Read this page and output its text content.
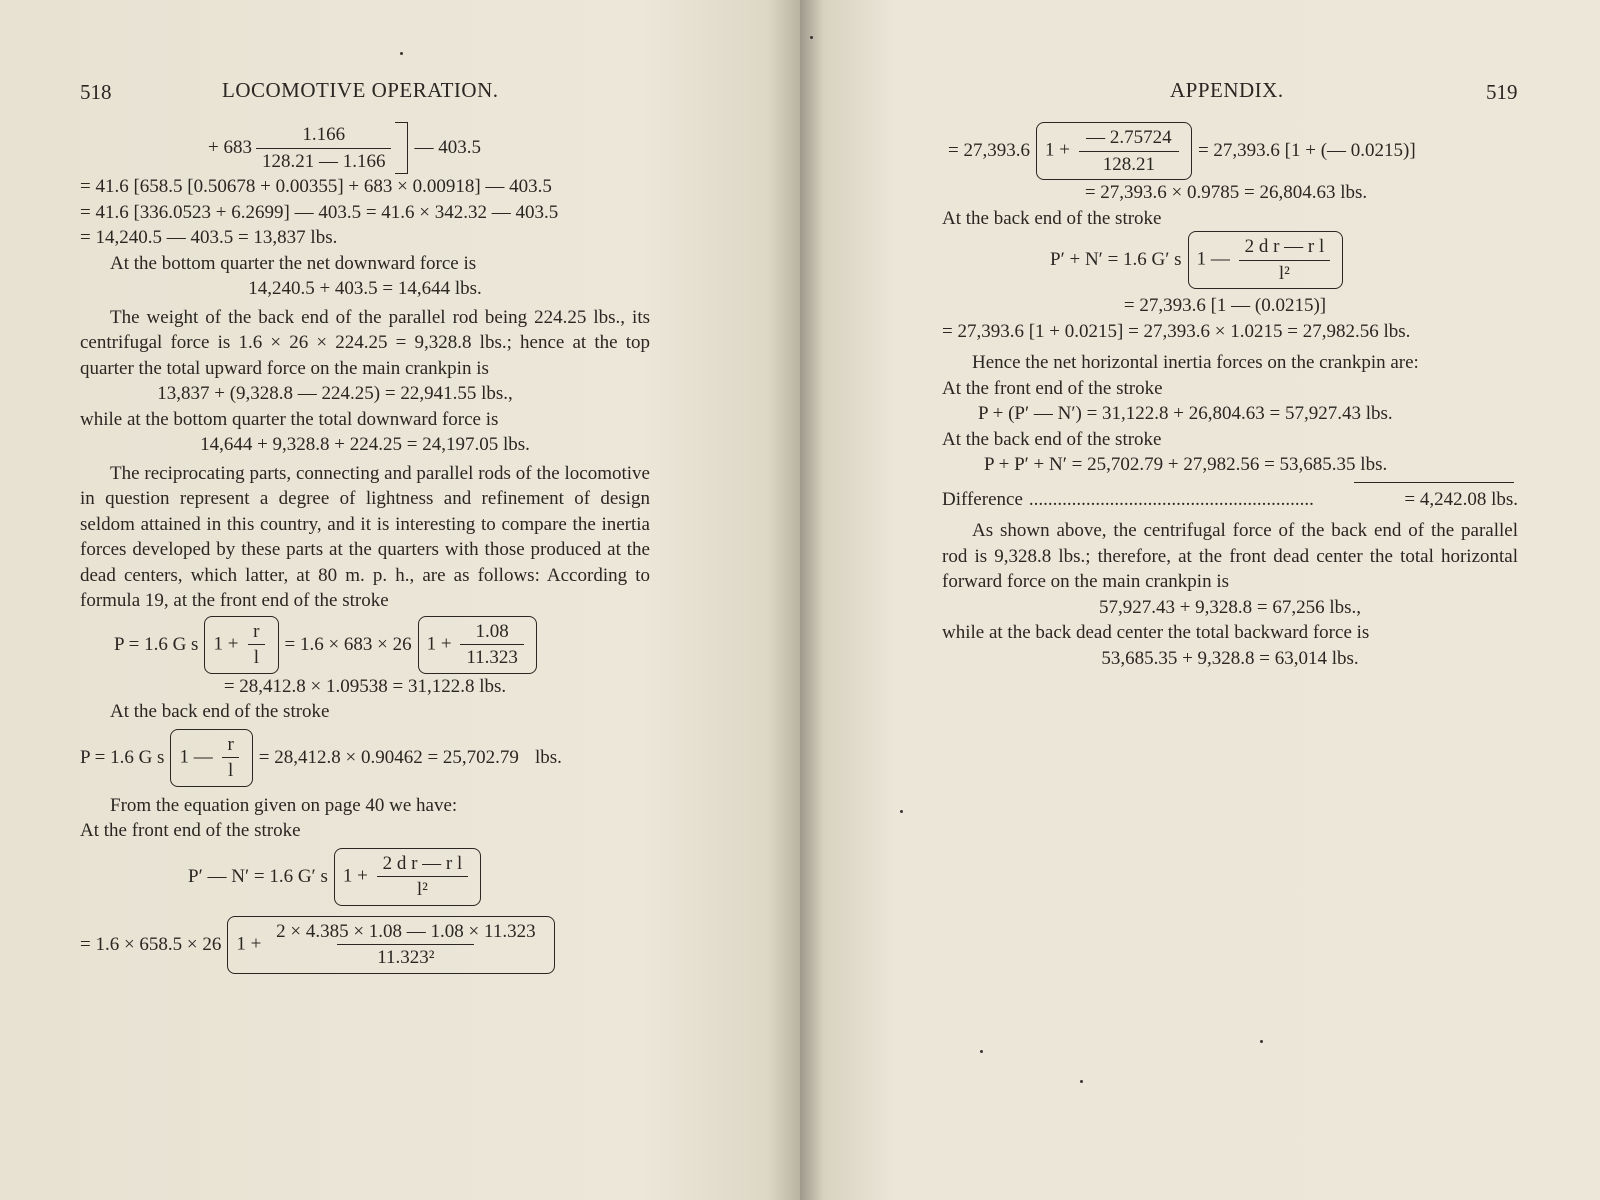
518	LOCOMOTIVE OPERATION.
+ $683 \frac{1.166}{128.21 — 1.166}$ — 403.5

= 41.6 [658.5 [0.50678 + 0.00355] + 683 × 0.00918] — 403.5

= 41.6 [336.0523 + 6.2699] — 403.5 = 41.6 × 342.32 — 403.5

= 14,240.5 — 403.5 = 13,837 lbs.

At the bottom quarter the net downward force is

14,240.5 + 403.5 = 14,644 lbs.

The weight of the back end of the parallel rod being 224.25 lbs., its centrifugal force is 1.6 × 26 × 224.25 = 9,328.8 lbs.; hence at the top quarter the total upward force on the main crankpin is

13,837 + (9,328.8 — 224.25) = 22,941.55 lbs.,

while at the bottom quarter the total downward force is

14,644 + 9,328.8 + 224.25 = 24,197.05 lbs.

The reciprocating parts, connecting and parallel rods of the locomotive in question represent a degree of lightness and refinement of design seldom attained in this country, and it is interesting to compare the inertia forces developed by these parts at the quarters with those produced at the dead centers, which latter, at 80 m. p. h., are as follows: According to formula 19, at the front end of the stroke

P = 1.6 G s $1 + \frac{r}{l} = 1.6 \times 683 \times 26$ $1 + \frac{1.08}{11.323}$

= 28,412.8 × 1.09538 = 31,122.8 lbs.

At the back end of the stroke

P = 1.6 G s 1 — $\frac{r}{l} = 28,412.8 \times 0.90462 = 25,702.79$ lbs.

From the equation given on page 40 we have:

At the front end of the stroke

P′ — N′ = 1.6 G′ s $1 + \frac{\text{2 d r — r l}}{\text{l²}}$
= 1.6 × 658.5 × 26 $1 + \frac{2 \times 4.385 \times 1.08 — 1.08 \times 11.323}{\text{11.323²}}$
APPENDIX.	519
= 27,393.6 $1 + \frac{— 2.75724}{128.21} = 27,393.6$ [1 + (— 0.0215)]

= 27,393.6 × 0.9785 = 26,804.63 lbs.

At the back end of the stroke

P′ + N′ = 1.6 G′ s 1 — $\frac{\text{2 d r — r l}}{\text{l²}}$

= 27,393.6 [1 — (0.0215)]

= 27,393.6 [1 + 0.0215] = 27,393.6 × 1.0215 = 27,982.56 lbs.

Hence the net horizontal inertia forces on the crankpin are:

At the front end of the stroke

P + (P′ — N′) = 31,122.8 + 26,804.63 = 57,927.43 lbs.

At the back end of the stroke

P + P′ + N′ = 25,702.79 + 27,982.56 = 53,685.35 lbs.

Difference ............................................................	= 4,242.08 lbs.

As shown above, the centrifugal force of the back end of the parallel rod is 9,328.8 lbs.; therefore, at the front dead center the total horizontal forward force on the main crankpin is

57,927.43 + 9,328.8 = 67,256 lbs.,

while at the back dead center the total backward force is

53,685.35 + 9,328.8 = 63,014 lbs.
